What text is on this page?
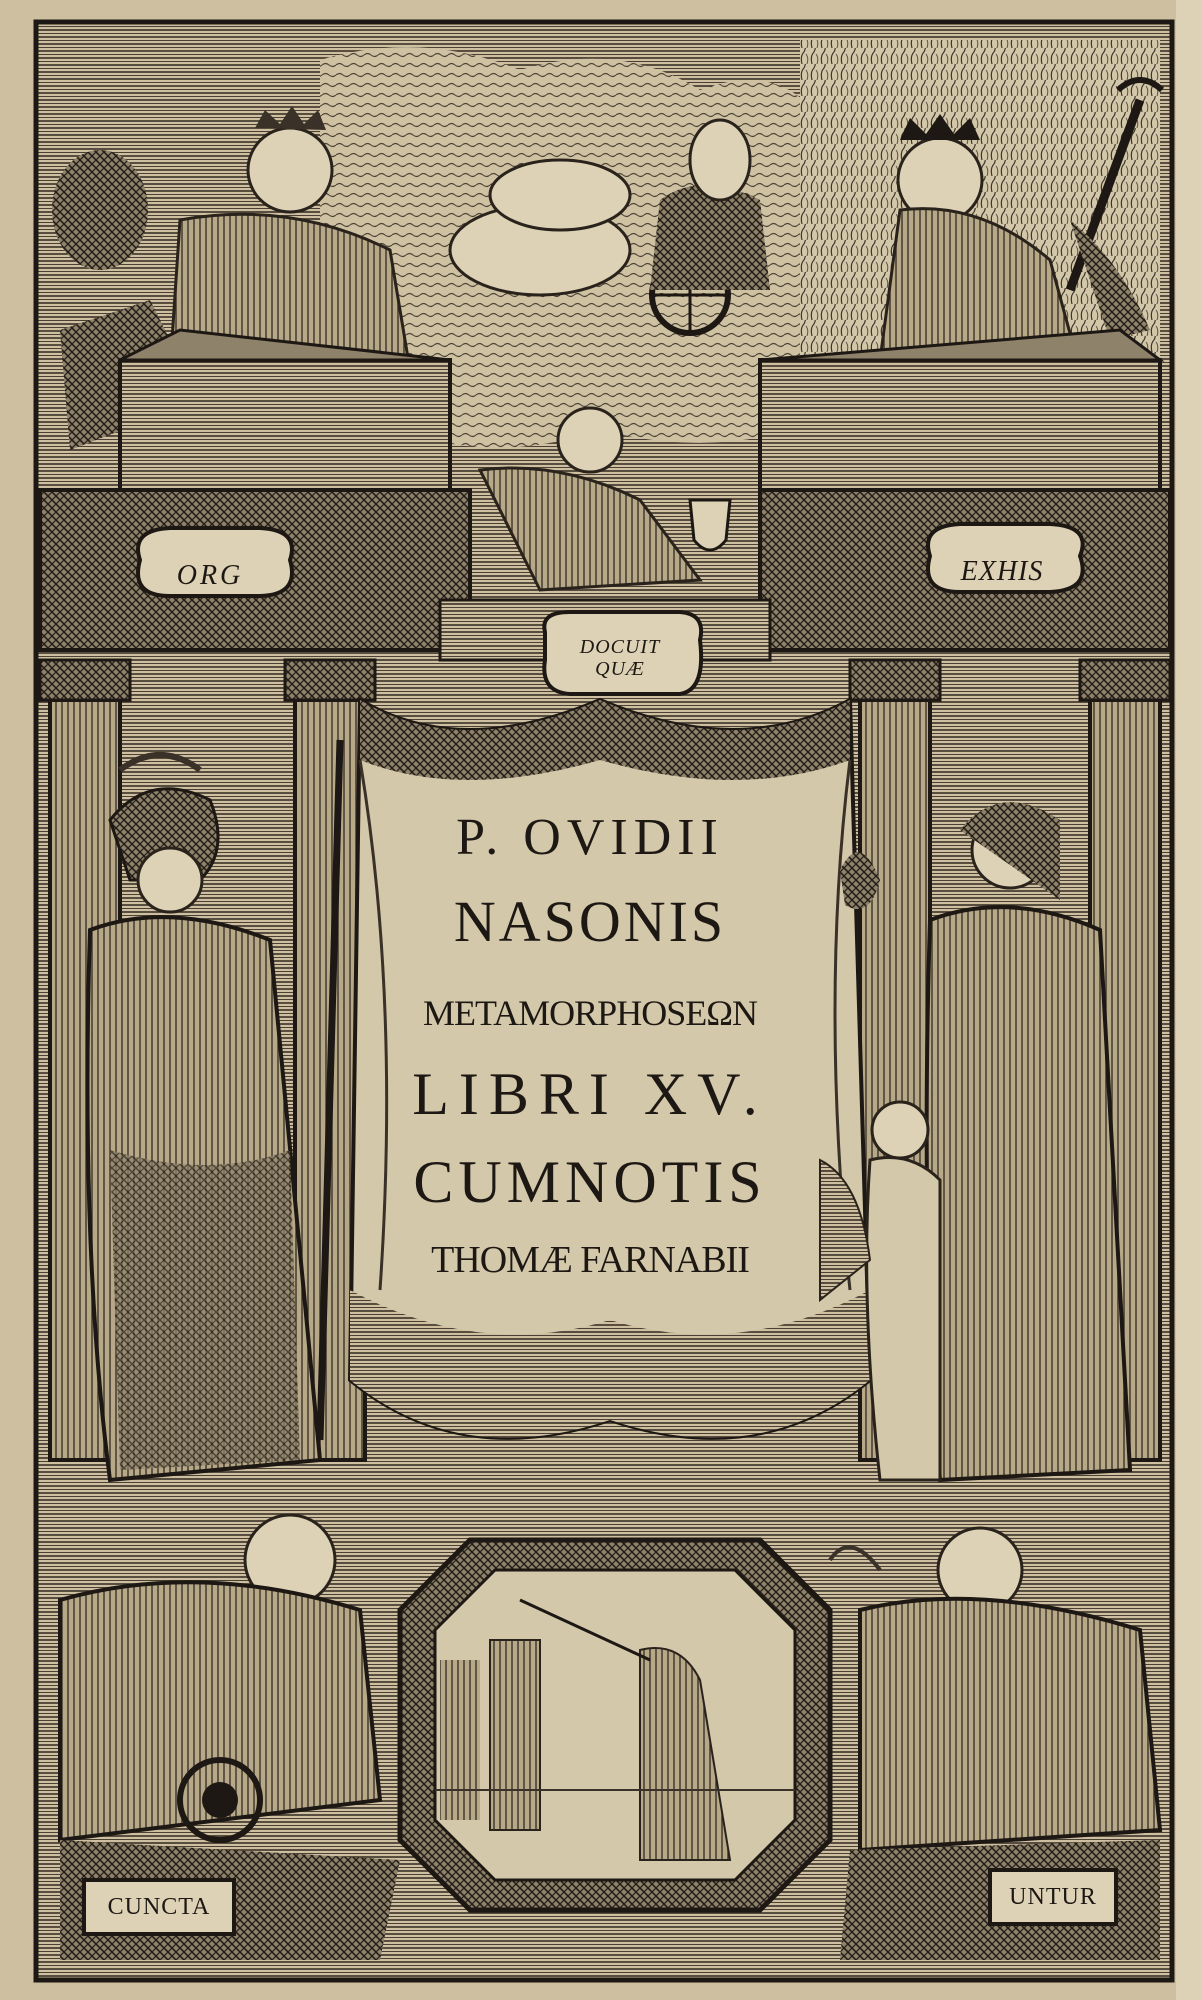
P. OVIDII
NASONIS
METAMORPHOSEΩN
LIBRI XV.
CUMNOTIS
THOMÆ FARNABII
ORG	EXHIS
DOCUIT
QUÆ
CUNCTA	UNTUR
